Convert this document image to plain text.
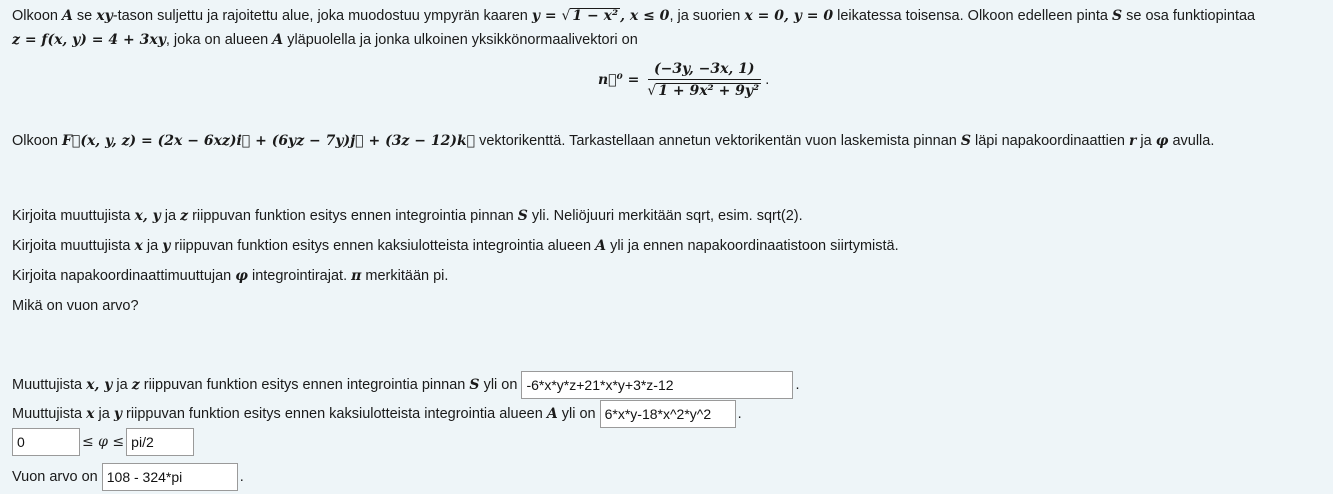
Olkoon A se xy-tason suljettu ja rajoitettu alue, joka muodostuu ympyrän kaaren y = √ 1 − x² , x ≤ 0, ja suorien x = 0, y = 0 leikatessa toisensa. Olkoon edelleen pinta S se osa funktiopintaa
z = f(x, y) = 4 + 3xy, joka on alueen A yläpuolella ja jonka ulkoinen yksikkönormaalivektori on
n⃗⁰ = $\frac{(-3y, -3x, 1)}{\text{√ 1 + 9x² + 9y²}}$ .
Olkoon F⃗(x, y, z) = (2x − 6xz)i⃗ + (6yz − 7y)j⃗ + (3z − 12)k⃗ vektorikenttä. Tarkastellaan annetun vektorikentän vuon laskemista pinnan S läpi napakoordinaattien r ja φ avulla.
Kirjoita muuttujista x, y ja z riippuvan funktion esitys ennen integrointia pinnan S yli. Neliöjuuri merkitään sqrt, esim. sqrt(2).
Kirjoita muuttujista x ja y riippuvan funktion esitys ennen kaksiulotteista integrointia alueen A yli ja ennen napakoordinaatistoon siirtymistä.
Kirjoita napakoordinaattimuuttujan φ integrointirajat. π merkitään pi.
Mikä on vuon arvo?
Muuttujista
x, y
ja
z
riippuvan funktion esitys ennen integrointia pinnan
S
yli on

-6*x*y*z+21*x*y+3*z-12	.
Muuttujista
x
ja
y
riippuvan funktion esitys ennen kaksiulotteista integrointia alueen
A
yli on

6*x*y-18*x^2*y^2	.
0
≤ φ ≤
pi/2
Vuon arvo on

108 - 324*pi	.
